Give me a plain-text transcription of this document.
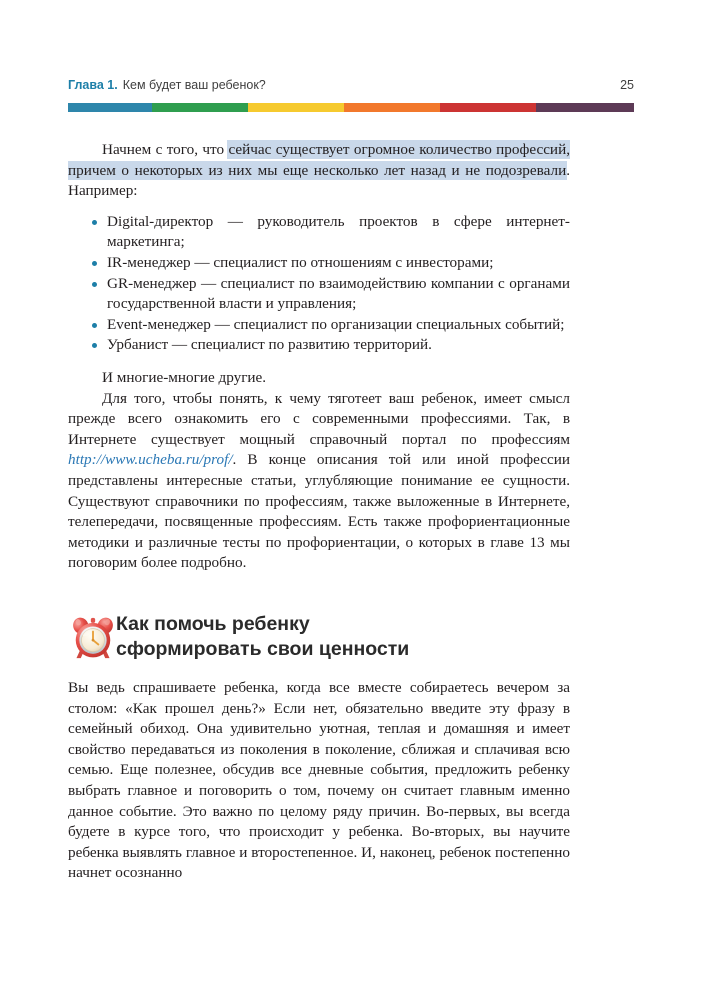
Глава 1. Кем будет ваш ребенок?	25

Начнем с того, что сейчас существует огромное количество профессий, причем о некоторых из них мы еще несколько лет назад и не подозревали. Например:

Digital-директор — руководитель проектов в сфере интернет-маркетинга;
IR-менеджер — специалист по отношениям с инвесторами;
GR-менеджер — специалист по взаимодействию компании с органами государственной власти и управления;
Event-менеджер — специалист по организации специальных событий;
Урбанист — специалист по развитию территорий.

И многие-многие другие.

Для того, чтобы понять, к чему тяготеет ваш ребенок, имеет смысл прежде всего ознакомить его с современными профессиями. Так, в Интернете существует мощный справочный портал по профессиям http://www.ucheba.ru/prof/. В конце описания той или иной профессии представлены интересные статьи, углубляющие понимание ее сущности. Существуют справочники по профессиям, также выложенные в Интернете, телепередачи, посвященные профессиям. Есть также профориентационные методики и различные тесты по профориентации, о которых в главе 13 мы поговорим более подробно.

Как помочь ребенку
сформировать свои ценности

Вы ведь спрашиваете ребенка, когда все вместе собираетесь вечером за столом: «Как прошел день?» Если нет, обязательно введите эту фразу в семейный обиход. Она удивительно уютная, теплая и домашняя и имеет свойство передаваться из поколения в поколение, сближая и сплачивая всю семью. Еще полезнее, обсудив все дневные события, предложить ребенку выбрать главное и поговорить о том, почему он считает главным именно данное событие. Это важно по целому ряду причин. Во-первых, вы всегда будете в курсе того, что происходит у ребенка. Во-вторых, вы научите ребенка выявлять главное и второстепенное. И, наконец, ребенок постепенно начнет осознанно
